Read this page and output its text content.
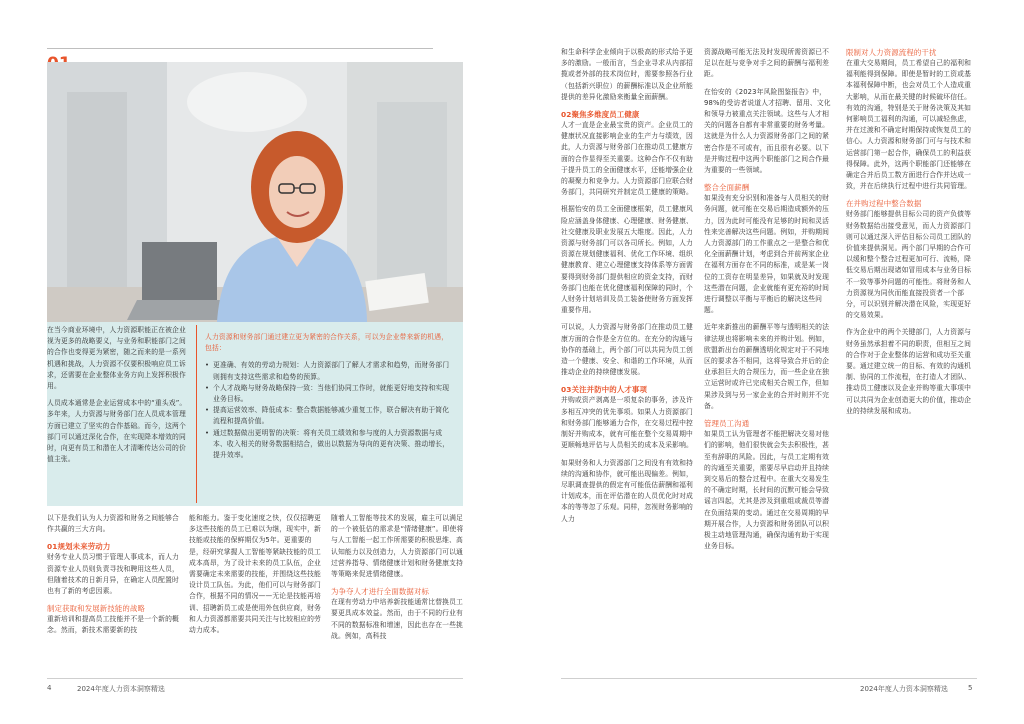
在当今商业环境中，人力资源职能正在被企业视为更多的战略要义，与业务和职能部门之间的合作也变得更为紧密，随之而来的是一系列机遇和挑战，人力资源不仅要积极响应员工诉求，还需要在企业整体业务方向上发挥积极作用。

人员成本通常是企业运营成本中的“重头戏”。多年来，人力资源与财务部门在人员成本管理方面已建立了坚实的合作基础。而今，这两个部门可以通过深化合作，在实现降本增效的同时，向更有员工和潜在人才清晰传达公司的价值主张。

人力资源和财务部门通过建立更为紧密的合作关系，可以为企业带来新的机遇，包括：

• 更准确、有效的劳动力规划：人力资源部门了解人才需求和趋势，而财务部门则拥有支持这些需求和趋势的预算。
• 个人才战略与财务战略保持一致：当他们协同工作时，就能更好地支持和实现业务目标。
• 提高运营效率、降低成本：整合数据能够减少重复工作，联合解决有助于简化流程和提高价值。
• 通过数据做出更明智的决策：将有关员工绩效和参与度的人力资源数据与成本、收入相关的财务数据相结合，做出以数据为导向的更有决策、推动增长，提升效率。

以下是我们认为人力资源和财务之间能够合作共赢的三大方向。

01规划未来劳动力

财务专业人员习惯于管理人事成本，而人力资源专业人员则负责寻找和聘用这些人员，但随着技术的日新月异，在确定人员配置时也有了新的考虑因素。

制定获取和发展新技能的战略

重新培训和提高员工技能并不是一个新的概念。然而，新技术需要新的技

能和能力。鉴于变化速度之快，仅仅招聘更多这些技能的员工已难以为继，现实中，新技能或技能的保鲜期仅为5年。更重要的是，经研究掌握人工智能等紧缺技能的员工成本高昂，为了设计未来的员工队伍，企业需要确定未来需要的技能，并围绕这些技能设计员工队伍。为此，他们可以与财务部门合作，根据不同的情况——无论是技能再培训、招聘新员工或是使用外包供应商，财务和人力资源都需要共同关注与比较相应的劳动力成本。

随着人工智能等技术的发展，雇主可以满足的一个被低估的需求是“情绪健康”。即使将与人工智能一起工作所需要的积极思维、高认知能力以及创造力，人力资源部门可以通过营养指导、情绪健康计划和财务健康支持等策略来促进情绪健康。

为争夺人才进行全面数据对标

在现有劳动力中培养新技能通常比替换员工要更具成本效益。然而，由于不同的行业有不同的数据标准和增速，因此也存在一些挑战。例如，高科技

4	2024年度人力资本洞察精选

和生命科学企业倾向于以极高的形式给予更多的激励。一般而言，当企业寻求从内部招揽或者外部的技术岗位时，需要参照各行业（包括新兴职位）的薪酬标准以及企业所能提供的差异化激励来衡量全面薪酬。

02聚焦多维度员工健康

人才一直是企业最宝贵的资产。企业员工的健康状况直接影响企业的生产力与绩效，因此，人力资源与财务部门在推动员工健康方面的合作显得至关重要。这种合作不仅有助于提升员工的全面健康水平，还能增强企业的凝聚力和竞争力。人力资源部门应联合财务部门，共同研究并制定员工健康的策略。

根据怡安的员工全面健康框架，员工健康风险应涵盖身体健康、心理健康、财务健康、社交健康及职业发展五大维度。因此，人力资源与财务部门可以各司所长。例如，人力资源在规划健康福利、优化工作环境、组织健康教育、建立心理健康支持体系等方面需要得到财务部门提供相应的资金支持，而财务部门也能在优化健康福利保障的同时，个人财务计划培训及员工装备使财务方面发挥重要作用。

可以说，人力资源与财务部门在推动员工健康方面的合作是全方位的。在充分的沟通与协作的基础上，两个部门可以共同为员工创造一个健康、安全、和谐的工作环境，从而推动企业的持续健康发展。

03关注并防中的人才事项

并购或资产剥离是一项复杂的事务，涉及许多相互冲突的优先事项。如果人力资源部门和财务部门能够通力合作，在交易过程中控制好并购成本，就有可能在整个交易周期中更顺畅地评估与人员相关的成本及采影响。

如果财务和人力资源部门之间没有有效和持续的沟通和协作，就可能出现偏差。例如，尽职调查提供的假定有可能低估薪酬和福利计划成本，而在评估潜在的人员优化时对成本的等等忽了乐观。同样，忽视财务影响的人力

资源战略可能无法及时发现所需资源已不足以在赶与竞争对手之间的薪酬与福利差距。

在怡安的《2023年风险图鉴报告》中，98%的受访者说道人才招聘、留用、文化和领导力被重点关注领域。这些与人才相关的问题各自都有非常重要的财务考量。这就是为什么人力资源财务部门之间的紧密合作是不可或有，而且很有必要。以下是并购过程中这两个职能部门之间合作最为重要的一些领域。

整合全面薪酬

如果没有充分识别和准备与人员相关的财务问题，就可能在交易后期造成额外的压力，因为此时可能没有足够的时间和灵活性来完善解决这些问题。例如，并购期间人力资源部门的工作重点之一是整合和优化全面薪酬计划，考虑到合并前两家企业在福利方面存在不同的标准，或是某一岗位的工资存在明显差异，如果就及时发现这些潜在问题，企业就能有更充裕的时间进行调整以平衡与平衡后的解决这些问题。

近年来新推出的薪酬平等与透明相关的法律法规也将影响未来的并购计划。例如，欧盟新出台的薪酬透明化规定对于不同地区的要求各不相同，这将导致合并后的企业承担巨大的合规压力，而一些企业在独立运营时或许已完成相关合规工作，但如果涉及到与另一家企业的合并时则并不完备。

管理员工沟通

如果员工认为管理者不能把解决交易对他们的影响，他们很快就会失去积极性，甚至有辞职的风险。因此，与员工定期有效的沟通至关重要，需要尽早启动并且持续到交易后的整合过程中。在重大交易发生的不确定时期，长时间的沉默可能会导致谣言四起，尤其是涉及到重组或裁员等潜在负面结果的变动。通过在交易周期的早期开展合作，人力资源和财务团队可以积极主动地管理沟通，确保沟通有助于实现业务目标。

限制对人力资源流程的干扰

在重大交易期间，员工希望自己的福利和福利能得到保障。即使是暂时的工资或基本福利保障中断，也会对员工个人造成重大影响，从而在最关键的时候破坏信任。有效的沟通，特别是关于财务决策及其如何影响员工福利的沟通，可以减轻焦虑，并在过渡和不确定时期保持或恢复员工的信心。人力资源和财务部门可与与技术和运营部门第一起合作，确保员工的利益获得保障。此外，这两个职能部门还能够在确定合并后员工数方面进行合作并达成一致，并在后续执行过程中进行共同管理。

在并购过程中整合数据

财务部门能够提供目标公司的资产负债等财务数据给出接受意见，而人力资源部门则可以通过深入评估目标公司员工团队的价值来提供洞见。两个部门早期的合作可以缓和整个整合过程更加可行、流畅，降低交易后期出现诸如冒用成本与业务目标不一致等事外问题的可能性。将财务和人力资源视为同伙而能直接投资者一个部分，可以识别并解决潜在风险，实现更好的交易效果。

作为企业中的两个关键部门，人力资源与财务虽然承担着不同的职责，但相互之间的合作对于企业整体的运营和成功至关重要。通过建立统一的目标、有效的沟通机制、协同的工作流程，在打造人才团队、推动员工健康以及企业并购等重大事项中可以共同为企业创造更大的价值，推动企业的持续发展和成功。

2024年度人力资本洞察精选	5
